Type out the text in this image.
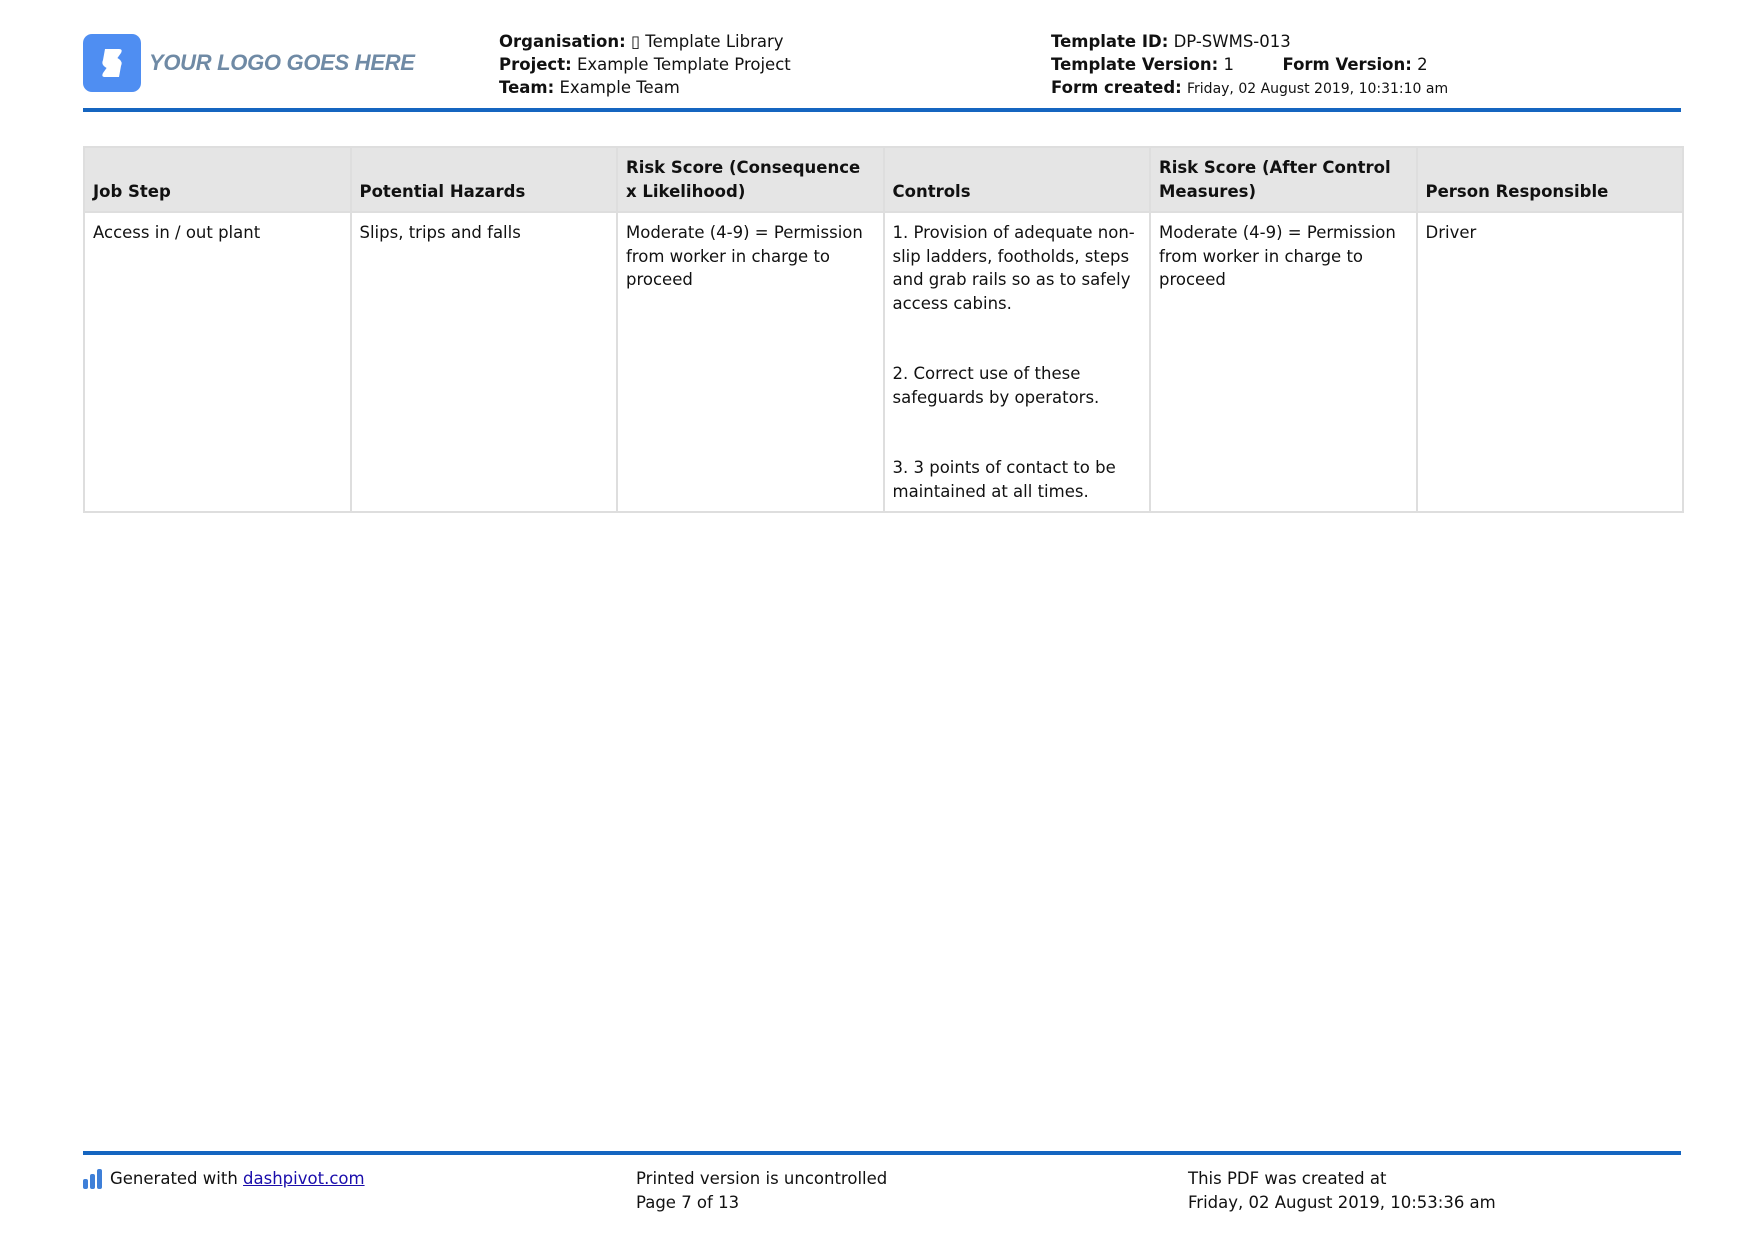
YOUR LOGO GOES HERE
Organisation: ▯ Template Library
Project: Example Template Project
Team: Example Team
Template ID: DP-SWMS-013
Template Version: 1	Form Version: 2
Form created: Friday, 02 August 2019, 10:31:10 am
Job Step	Potential Hazards	Risk Score (Consequence x Likelihood)	Controls	Risk Score (After Control Measures)	Person Responsible
Access in / out plant	Slips, trips and falls	Moderate (4-9) = Permission from worker in charge to proceed	1. Provision of adequate non-slip ladders, footholds, steps and grab rails so as to safely access cabins.

2. Correct use of these safeguards by operators.

3. 3 points of contact to be maintained at all times.	Moderate (4-9) = Permission from worker in charge to proceed	Driver
Generated with
dashpivot.com	Printed version is uncontrolled
Page 7 of 13
This PDF was created at
Friday, 02 August 2019, 10:53:36 am
